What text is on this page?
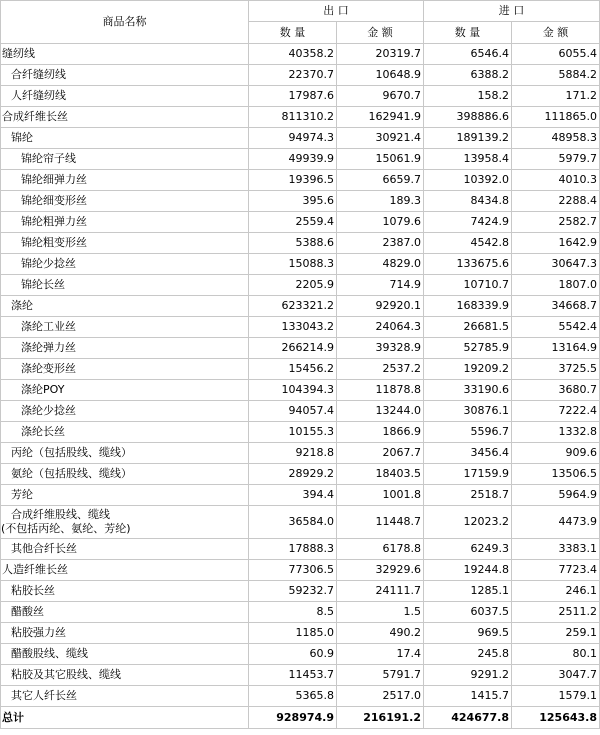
商品名称	出 口		进 口	
	数 量	金 额	数 量	金 额
缝纫线	40358.2	20319.7	6546.4	6055.4
合纤缝纫线	22370.7	10648.9	6388.2	5884.2
人纤缝纫线	17987.6	9670.7	158.2	171.2
合成纤维长丝	811310.2	162941.9	398886.6	111865.0
锦纶	94974.3	30921.4	189139.2	48958.3
锦纶帘子线	49939.9	15061.9	13958.4	5979.7
锦纶细弹力丝	19396.5	6659.7	10392.0	4010.3
锦纶细变形丝	395.6	189.3	8434.8	2288.4
锦纶粗弹力丝	2559.4	1079.6	7424.9	2582.7
锦纶粗变形丝	5388.6	2387.0	4542.8	1642.9
锦纶少捻丝	15088.3	4829.0	133675.6	30647.3
锦纶长丝	2205.9	714.9	10710.7	1807.0
涤纶	623321.2	92920.1	168339.9	34668.7
涤纶工业丝	133043.2	24064.3	26681.5	5542.4
涤纶弹力丝	266214.9	39328.9	52785.9	13164.9
涤纶变形丝	15456.2	2537.2	19209.2	3725.5
涤纶POY	104394.3	11878.8	33190.6	3680.7
涤纶少捻丝	94057.4	13244.0	30876.1	7222.4
涤纶长丝	10155.3	1866.9	5596.7	1332.8
丙纶（包括股线、缆线）	9218.8	2067.7	3456.4	909.6
氨纶（包括股线、缆线）	28929.2	18403.5	17159.9	13506.5
芳纶	394.4	1001.8	2518.7	5964.9
合成纤维股线、缆线
(不包括丙纶、氨纶、芳纶)	36584.0	11448.7	12023.2	4473.9
其他合纤长丝	17888.3	6178.8	6249.3	3383.1
人造纤维长丝	77306.5	32929.6	19244.8	7723.4
粘胶长丝	59232.7	24111.7	1285.1	246.1
醋酸丝	8.5	1.5	6037.5	2511.2
粘胶强力丝	1185.0	490.2	969.5	259.1
醋酸股线、缆线	60.9	17.4	245.8	80.1
粘胶及其它股线、缆线	11453.7	5791.7	9291.2	3047.7
其它人纤长丝	5365.8	2517.0	1415.7	1579.1
总计	928974.9	216191.2	424677.8	125643.8
